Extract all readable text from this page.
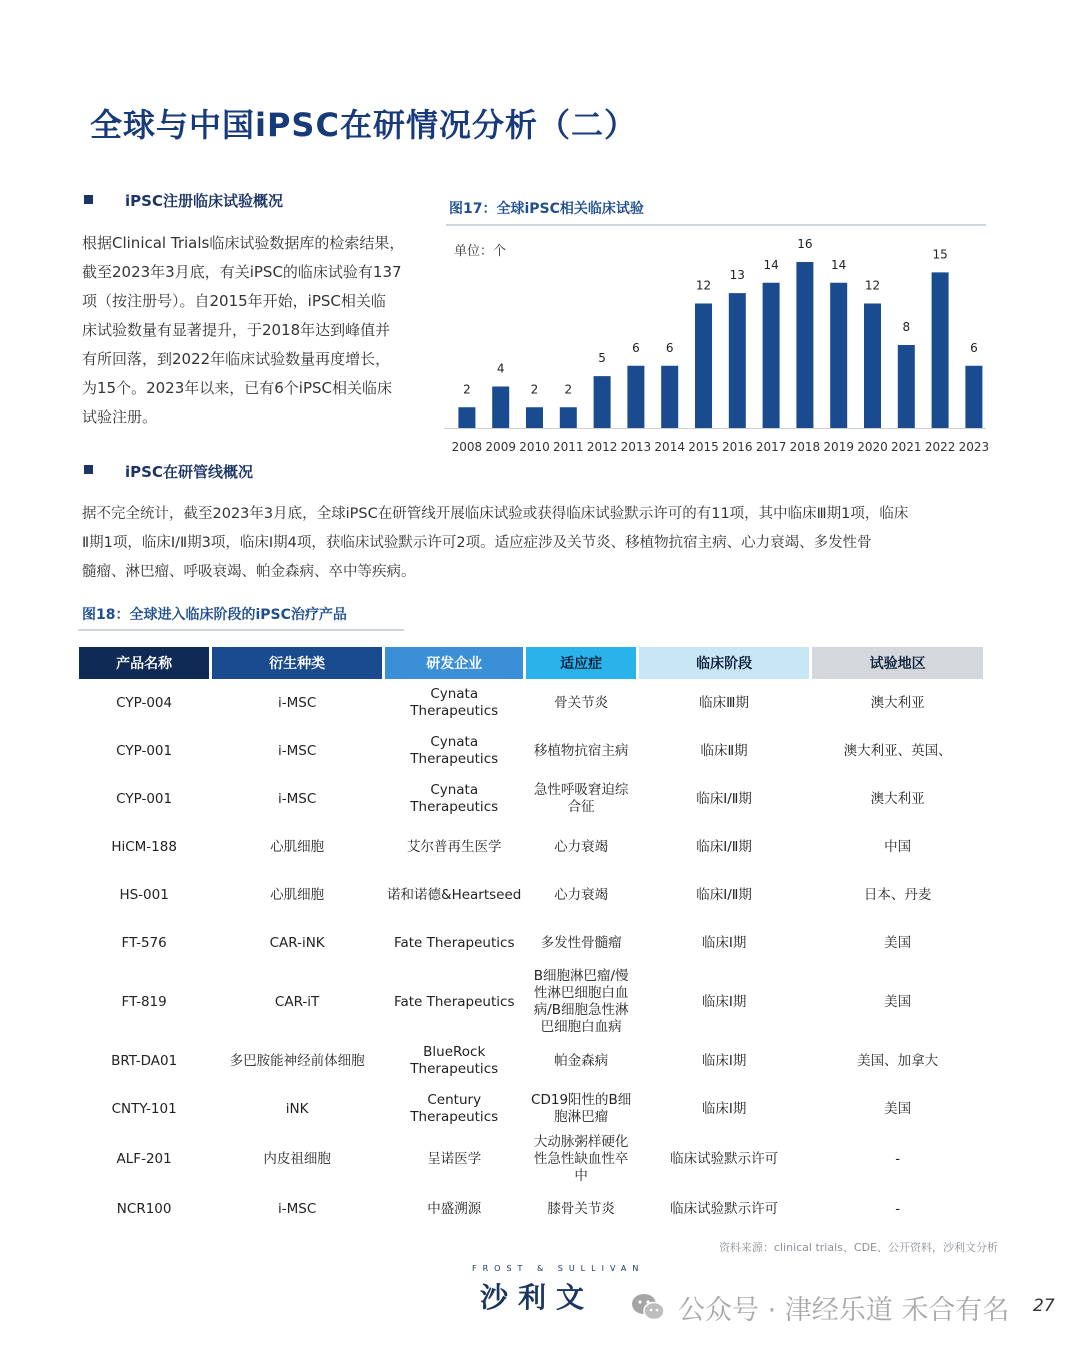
全球与中国iPSC在研情况分析（二）
iPSC注册临床试验概况
根据Clinical Trials临床试验数据库的检索结果，
截至2023年3月底，有关iPSC的临床试验有137
项（按注册号）。自2015年开始，iPSC相关临
床试验数量有显著提升，于2018年达到峰值并
有所回落，到2022年临床试验数量再度增长，
为15个。2023年以来，已有6个iPSC相关临床
试验注册。
图17：全球iPSC相关临床试验
单位：个
2
2008
4
2009
2
2010
2
2011
5
2012
6
2013
6
2014
12
2015
13
2016
14
2017
16
2018
14
2019
12
2020
8
2021
15
2022
6
2023
iPSC在研管线概况
据不完全统计，截至2023年3月底，全球iPSC在研管线开展临床试验或获得临床试验默示许可的有11项，其中临床Ⅲ期1项，临床
Ⅱ期1项，临床Ⅰ/Ⅱ期3项，临床Ⅰ期4项，获临床试验默示许可2项。适应症涉及关节炎、移植物抗宿主病、心力衰竭、多发性骨
髓瘤、淋巴瘤、呼吸衰竭、帕金森病、卒中等疾病。
图18：全球进入临床阶段的iPSC治疗产品
产品名称	衍生种类	研发企业	适应症	临床阶段	试验地区
CYP-004	i-MSC	Cynata Therapeutics	骨关节炎	临床Ⅲ期	澳大利亚
CYP-001	i-MSC	Cynata Therapeutics	移植物抗宿主病	临床Ⅱ期	澳大利亚、英国、
CYP-001	i-MSC	Cynata Therapeutics	急性呼吸窘迫综合征	临床Ⅰ/Ⅱ期	澳大利亚
HiCM-188	心肌细胞	艾尔普再生医学	心力衰竭	临床Ⅰ/Ⅱ期	中国
HS-001	心肌细胞	诺和诺德&Heartseed	心力衰竭	临床Ⅰ/Ⅱ期	日本、丹麦
FT-576	CAR-iNK	Fate Therapeutics	多发性骨髓瘤	临床Ⅰ期	美国
FT-819	CAR-iT	Fate Therapeutics	B细胞淋巴瘤/慢性淋巴细胞白血病/B细胞急性淋巴细胞白血病	临床Ⅰ期	美国
BRT-DA01	多巴胺能神经前体细胞	BlueRock Therapeutics	帕金森病	临床Ⅰ期	美国、加拿大
CNTY-101	iNK	Century Therapeutics	CD19阳性的B细胞淋巴瘤	临床Ⅰ期	美国
ALF-201	内皮祖细胞	呈诺医学	大动脉粥样硬化性急性缺血性卒中	临床试验默示许可	-
NCR100	i-MSC	中盛溯源	膝骨关节炎	临床试验默示许可	-
资料来源：clinical trials、CDE、公开资料，沙利文分析
FROST & SULLIVAN
沙利文	公众号 · 津经乐道 禾合有名 27
